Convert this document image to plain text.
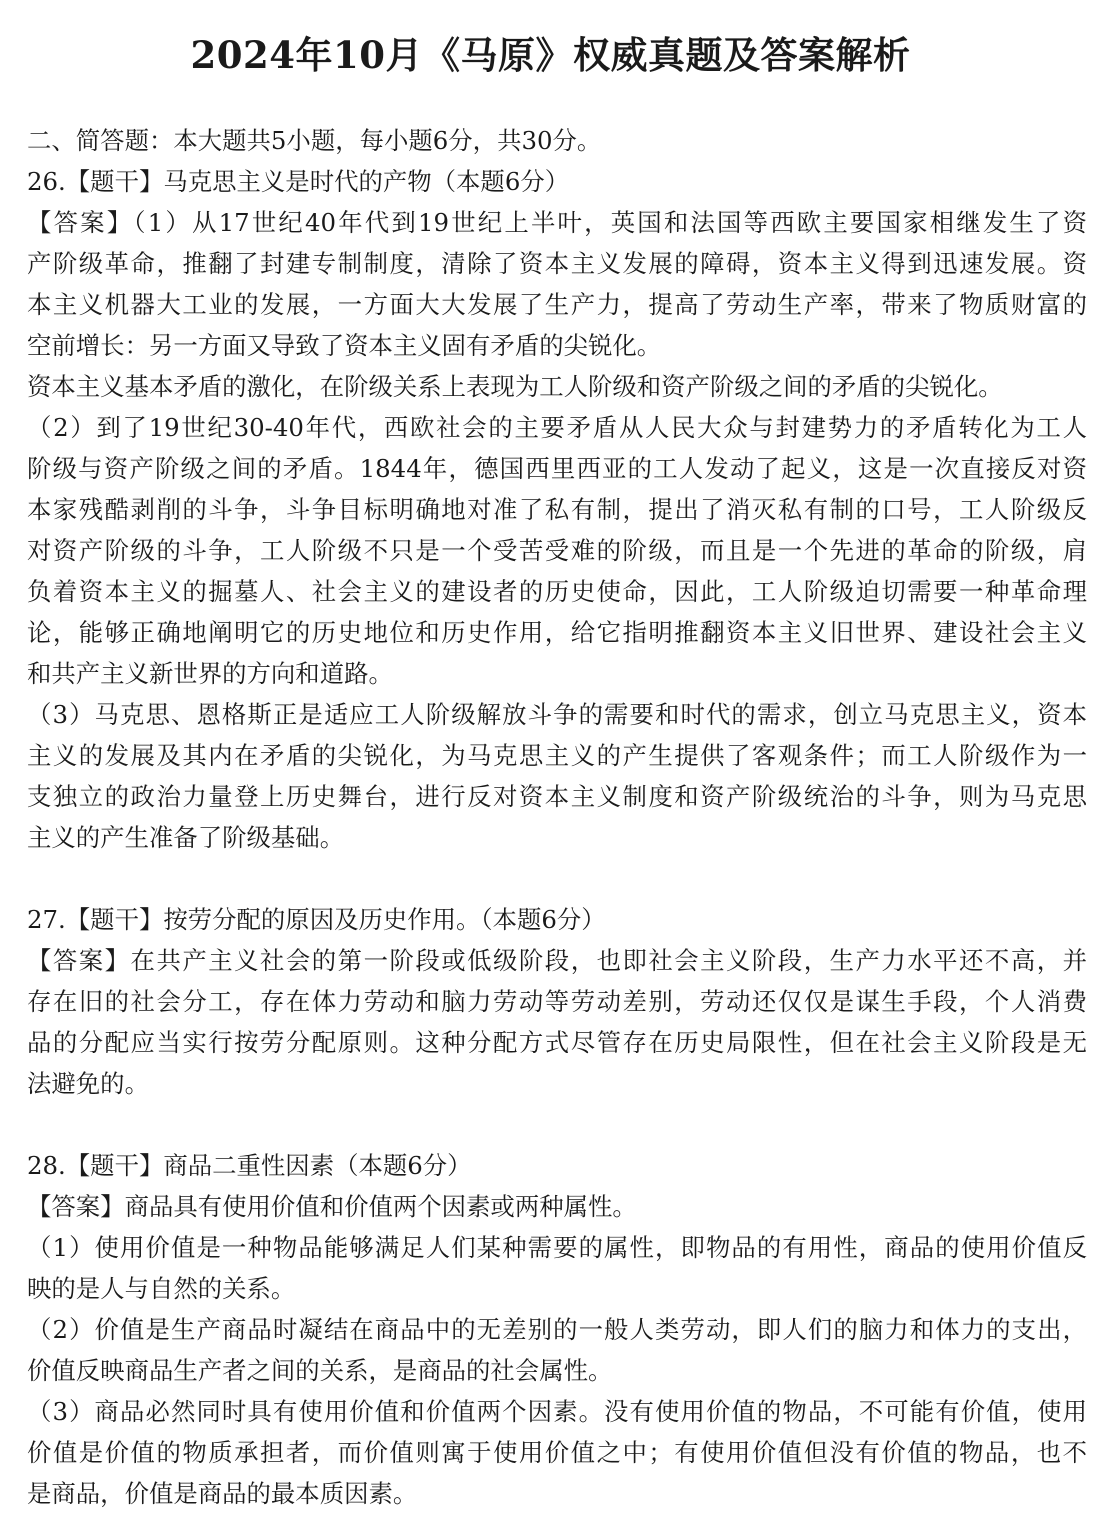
2024年10月《马原》权威真题及答案解析
二、简答题：本大题共5小题，每小题6分，共30分。
26.【题干】马克思主义是时代的产物（本题6分）
【答案】（1）从17世纪40年代到19世纪上半叶，英国和法国等西欧主要国家相继发生了资
产阶级革命，推翻了封建专制制度，清除了资本主义发展的障碍，资本主义得到迅速发展。资
本主义机器大工业的发展，一方面大大发展了生产力，提高了劳动生产率，带来了物质财富的
空前增长：另一方面又导致了资本主义固有矛盾的尖锐化。
资本主义基本矛盾的激化，在阶级关系上表现为工人阶级和资产阶级之间的矛盾的尖锐化。
（2）到了19世纪30-40年代，西欧社会的主要矛盾从人民大众与封建势力的矛盾转化为工人
阶级与资产阶级之间的矛盾。1844年，德国西里西亚的工人发动了起义，这是一次直接反对资
本家残酷剥削的斗争，斗争目标明确地对准了私有制，提出了消灭私有制的口号，工人阶级反
对资产阶级的斗争，工人阶级不只是一个受苦受难的阶级，而且是一个先进的革命的阶级，肩
负着资本主义的掘墓人、社会主义的建设者的历史使命，因此，工人阶级迫切需要一种革命理
论，能够正确地阐明它的历史地位和历史作用，给它指明推翻资本主义旧世界、建设社会主义
和共产主义新世界的方向和道路。
（3）马克思、恩格斯正是适应工人阶级解放斗争的需要和时代的需求，创立马克思主义，资本
主义的发展及其内在矛盾的尖锐化，为马克思主义的产生提供了客观条件；而工人阶级作为一
支独立的政治力量登上历史舞台，进行反对资本主义制度和资产阶级统治的斗争，则为马克思
主义的产生准备了阶级基础。
27.【题干】按劳分配的原因及历史作用。（本题6分）
【答案】在共产主义社会的第一阶段或低级阶段，也即社会主义阶段，生产力水平还不高，并
存在旧的社会分工，存在体力劳动和脑力劳动等劳动差别，劳动还仅仅是谋生手段，个人消费
品的分配应当实行按劳分配原则。这种分配方式尽管存在历史局限性，但在社会主义阶段是无
法避免的。
28.【题干】商品二重性因素（本题6分）
【答案】商品具有使用价值和价值两个因素或两种属性。
（1）使用价值是一种物品能够满足人们某种需要的属性，即物品的有用性，商品的使用价值反
映的是人与自然的关系。
（2）价值是生产商品时凝结在商品中的无差别的一般人类劳动，即人们的脑力和体力的支出，
价值反映商品生产者之间的关系，是商品的社会属性。
（3）商品必然同时具有使用价值和价值两个因素。没有使用价值的物品，不可能有价值，使用
价值是价值的物质承担者，而价值则寓于使用价值之中；有使用价值但没有价值的物品，也不
是商品，价值是商品的最本质因素。
